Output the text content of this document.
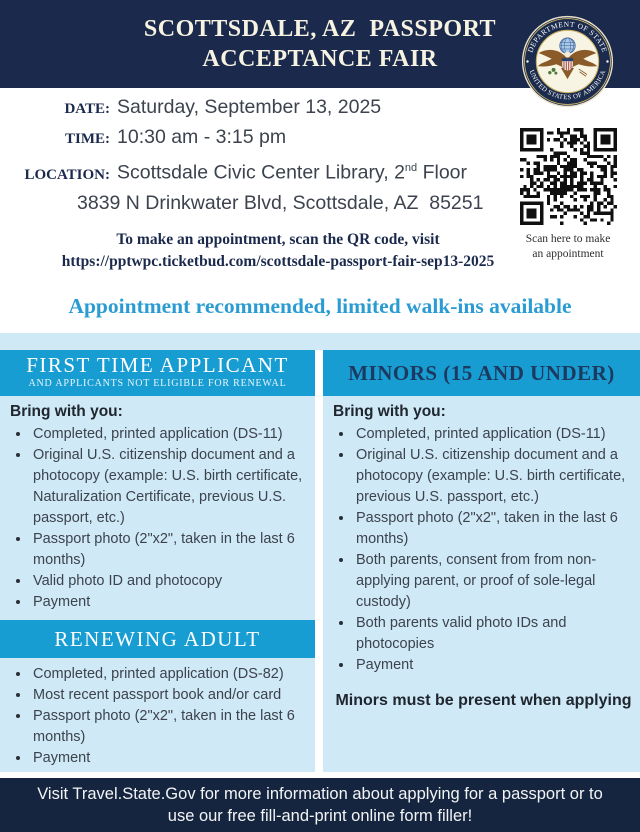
SCOTTSDALE, AZ  PASSPORT
ACCEPTANCE FAIR	DEPARTMENT OF STATE
UNITED STATES OF AMERICA
DATE: Saturday, September 13, 2025
TIME: 10:30 am - 3:15 pm
LOCATION: Scottsdale Civic Center Library, 2nd Floor
3839 N Drinkwater Blvd, Scottsdale, AZ  85251
To make an appointment, scan the QR code, visit
https://pptwpc.ticketbud.com/scottsdale-passport-fair-sep13-2025
Scan here to make
an appointment
Appointment recommended, limited walk-ins available
FIRST TIME APPLICANT
AND APPLICANTS NOT ELIGIBLE FOR RENEWAL
Bring with you:
• Completed, printed application (DS-11)
• Original U.S. citizenship document and a photocopy (example: U.S. birth certificate, Naturalization Certificate, previous U.S. passport, etc.)
• Passport photo (2"x2", taken in the last 6 months)
• Valid photo ID and photocopy
• Payment
RENEWING ADULT
• Completed, printed application (DS-82)
• Most recent passport book and/or card
• Passport photo (2"x2", taken in the last 6 months)
• Payment
MINORS (15 AND UNDER)
Bring with you:
• Completed, printed application (DS-11)
• Original U.S. citizenship document and a photocopy (example: U.S. birth certificate, previous U.S. passport, etc.)
• Passport photo (2"x2", taken in the last 6 months)
• Both parents, consent from from non-applying parent, or proof of sole-legal custody)
• Both parents valid photo IDs and photocopies
• Payment
Minors must be present when applying
Visit Travel.State.Gov for more information about applying for a passport or to
use our free fill-and-print online form filler!
